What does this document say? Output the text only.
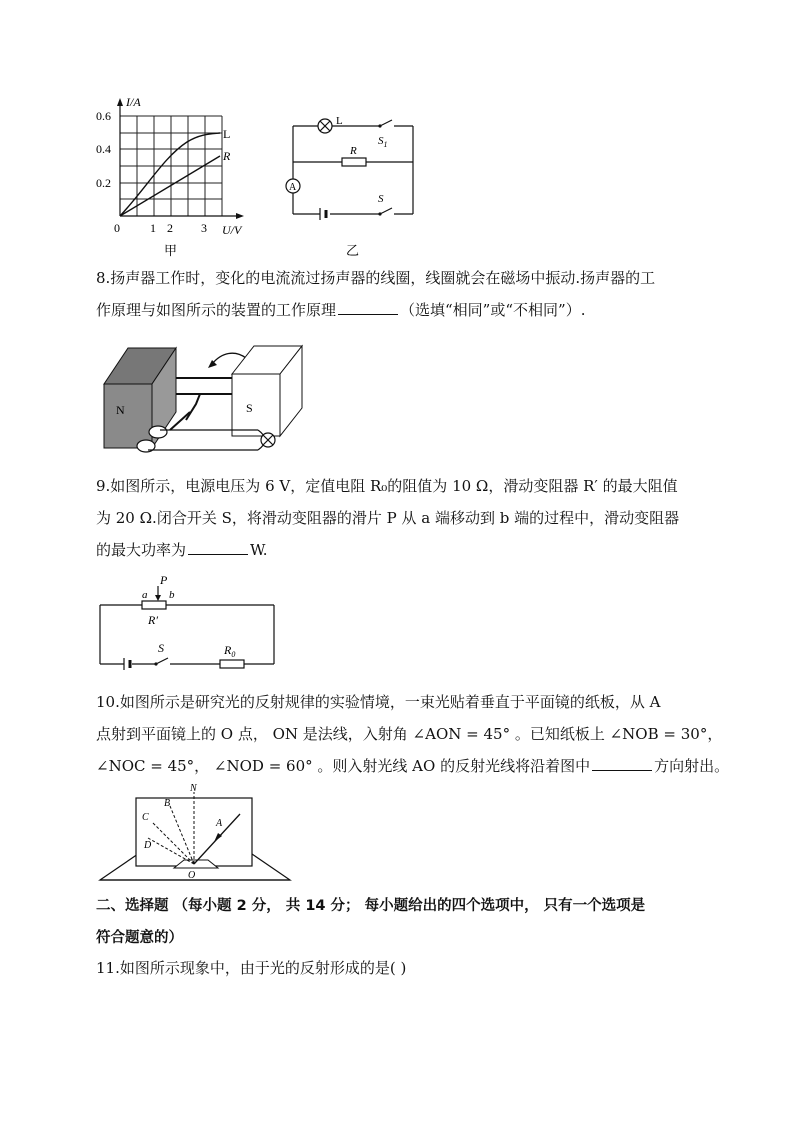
I/A
0.6
0.4
0.2
0	1 2 3 U/V
L
R
甲
A
L
$S_1$
R
S
乙
8.扬声器工作时，变化的电流流过扬声器的线圈，线圈就会在磁场中振动.扬声器的工
作原理与如图所示的装置的工作原理	（选填“相同”或“不相同”）.
N	S
9.如图所示，电源电压为 6 V，定值电阻 R₀的阻值为 10 Ω，滑动变阻器 R′ 的最大阻值
为 20 Ω.闭合开关 S，将滑动变阻器的滑片 P 从 a 端移动到 b 端的过程中，滑动变阻器
的最大功率为	W.
P
a b
R′
S	$R_0$
10.如图所示是研究光的反射规律的实验情境，一束光贴着垂直于平面镜的纸板，从 A
点射到平面镜上的 O 点， ON 是法线，入射角 ∠AON = 45° 。已知纸板上 ∠NOB = 30°，
∠NOC = 45°， ∠NOD = 60° 。则入射光线 AO 的反射光线将沿着图中	方向射出。
N
A
B
C
D
O
二、选择题 （每小题 2 分， 共 14 分； 每小题给出的四个选项中， 只有一个选项是
符合题意的）
11.如图所示现象中，由于光的反射形成的是( )
